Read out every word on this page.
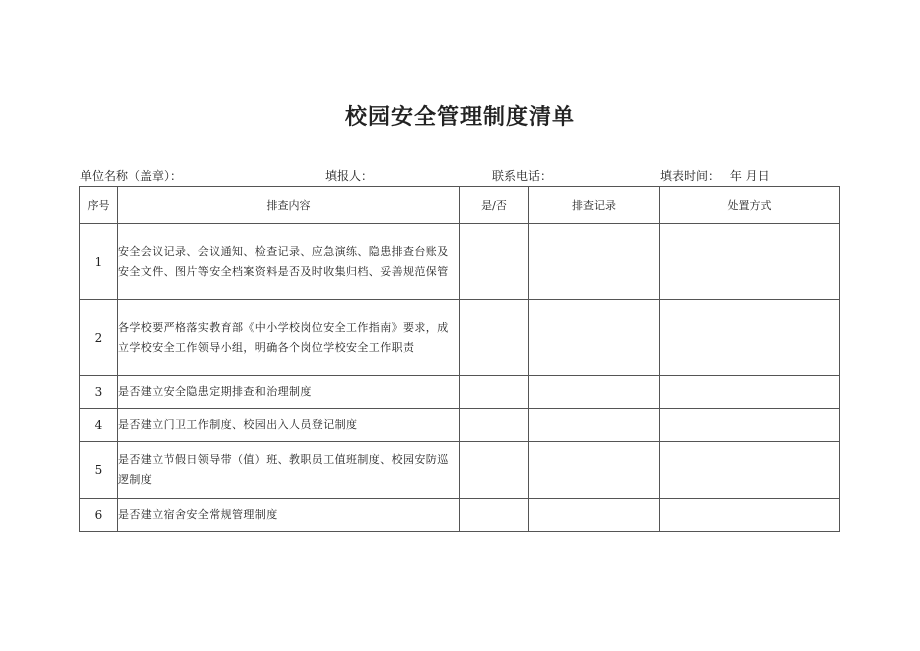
校园安全管理制度清单
单位名称（盖章）：	填报人：	联系电话：	填表时间： 年 月日
序号	排查内容	是/否	排查记录	处置方式
1	安全会议记录、会议通知、检查记录、应急演练、隐患排查台账及安全文件、图片等安全档案资料是否及时收集归档、妥善规范保管			
2	各学校要严格落实教育部《中小学校岗位安全工作指南》要求，成立学校安全工作领导小组，明确各个岗位学校安全工作职责			
3	是否建立安全隐患定期排查和治理制度			
4	是否建立门卫工作制度、校园出入人员登记制度			
5	是否建立节假日领导带（值）班、教职员工值班制度、校园安防巡逻制度			
6	是否建立宿舍安全常规管理制度			
